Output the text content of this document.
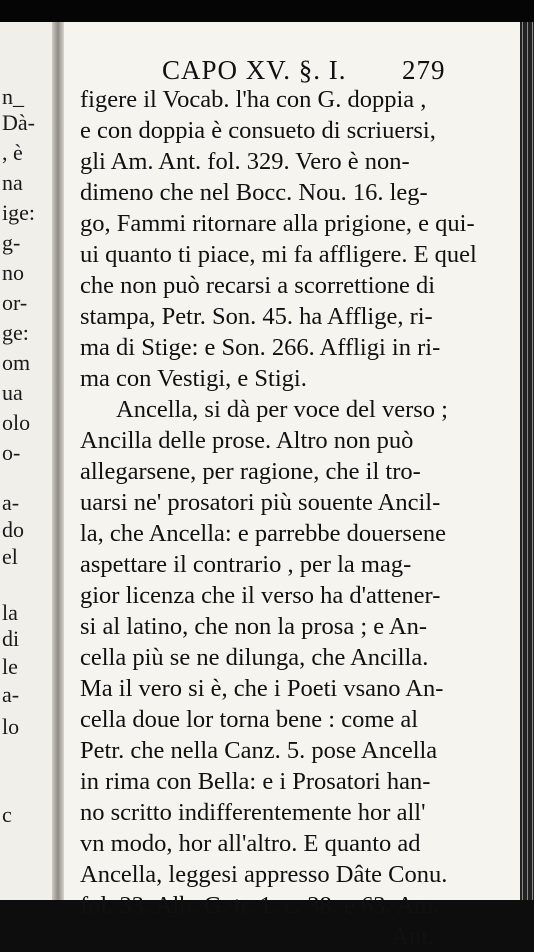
n_
Dà-
, è
na
ige:
g-
no
or-
ge:
om
ua
olo
o-
a-
do
el
la
di
le
a-
lo
c
CAPO XV. §. I. 279
figere il Vocab. l'ha con G. doppia ,
e con doppia è consueto di scriuersi,
gli Am. Ant. fol. 329. Vero è non-
dimeno che nel Bocc. Nou. 16. leg-
go, Fammi ritornare alla prigione, e qui-
ui quanto ti piace, mi fa affligere. E quel
che non può recarsi a scorrettione di
stampa, Petr. Son. 45. ha Afflige, ri-
ma di Stige: e Son. 266. Affligi in ri-
ma con Vestigi, e Stigi.
Ancella, si dà per voce del verso ;
Ancilla delle prose. Altro non può
allegarsene, per ragione, che il tro-
uarsi ne' prosatori più souente Ancil-
la, che Ancella: e parrebbe douersene
aspettare il contrario , per la mag-
gior licenza che il verso ha d'attener-
si al latino, che non la prosa ; e An-
cella più se ne dilunga, che Ancilla.
Ma il vero si è, che i Poeti vsano An-
cella doue lor torna bene : come al
Petr. che nella Canz. 5. pose Ancella
in rima con Bella: e i Prosatori han-
no scritto indifferentemente hor all'
vn modo, hor all'altro. E quanto ad
Ancella, leggesi appresso Dâte Conu.
fol. 33. Alb. G. tr. 1. c. 38. e 63. Am.
Ant.
